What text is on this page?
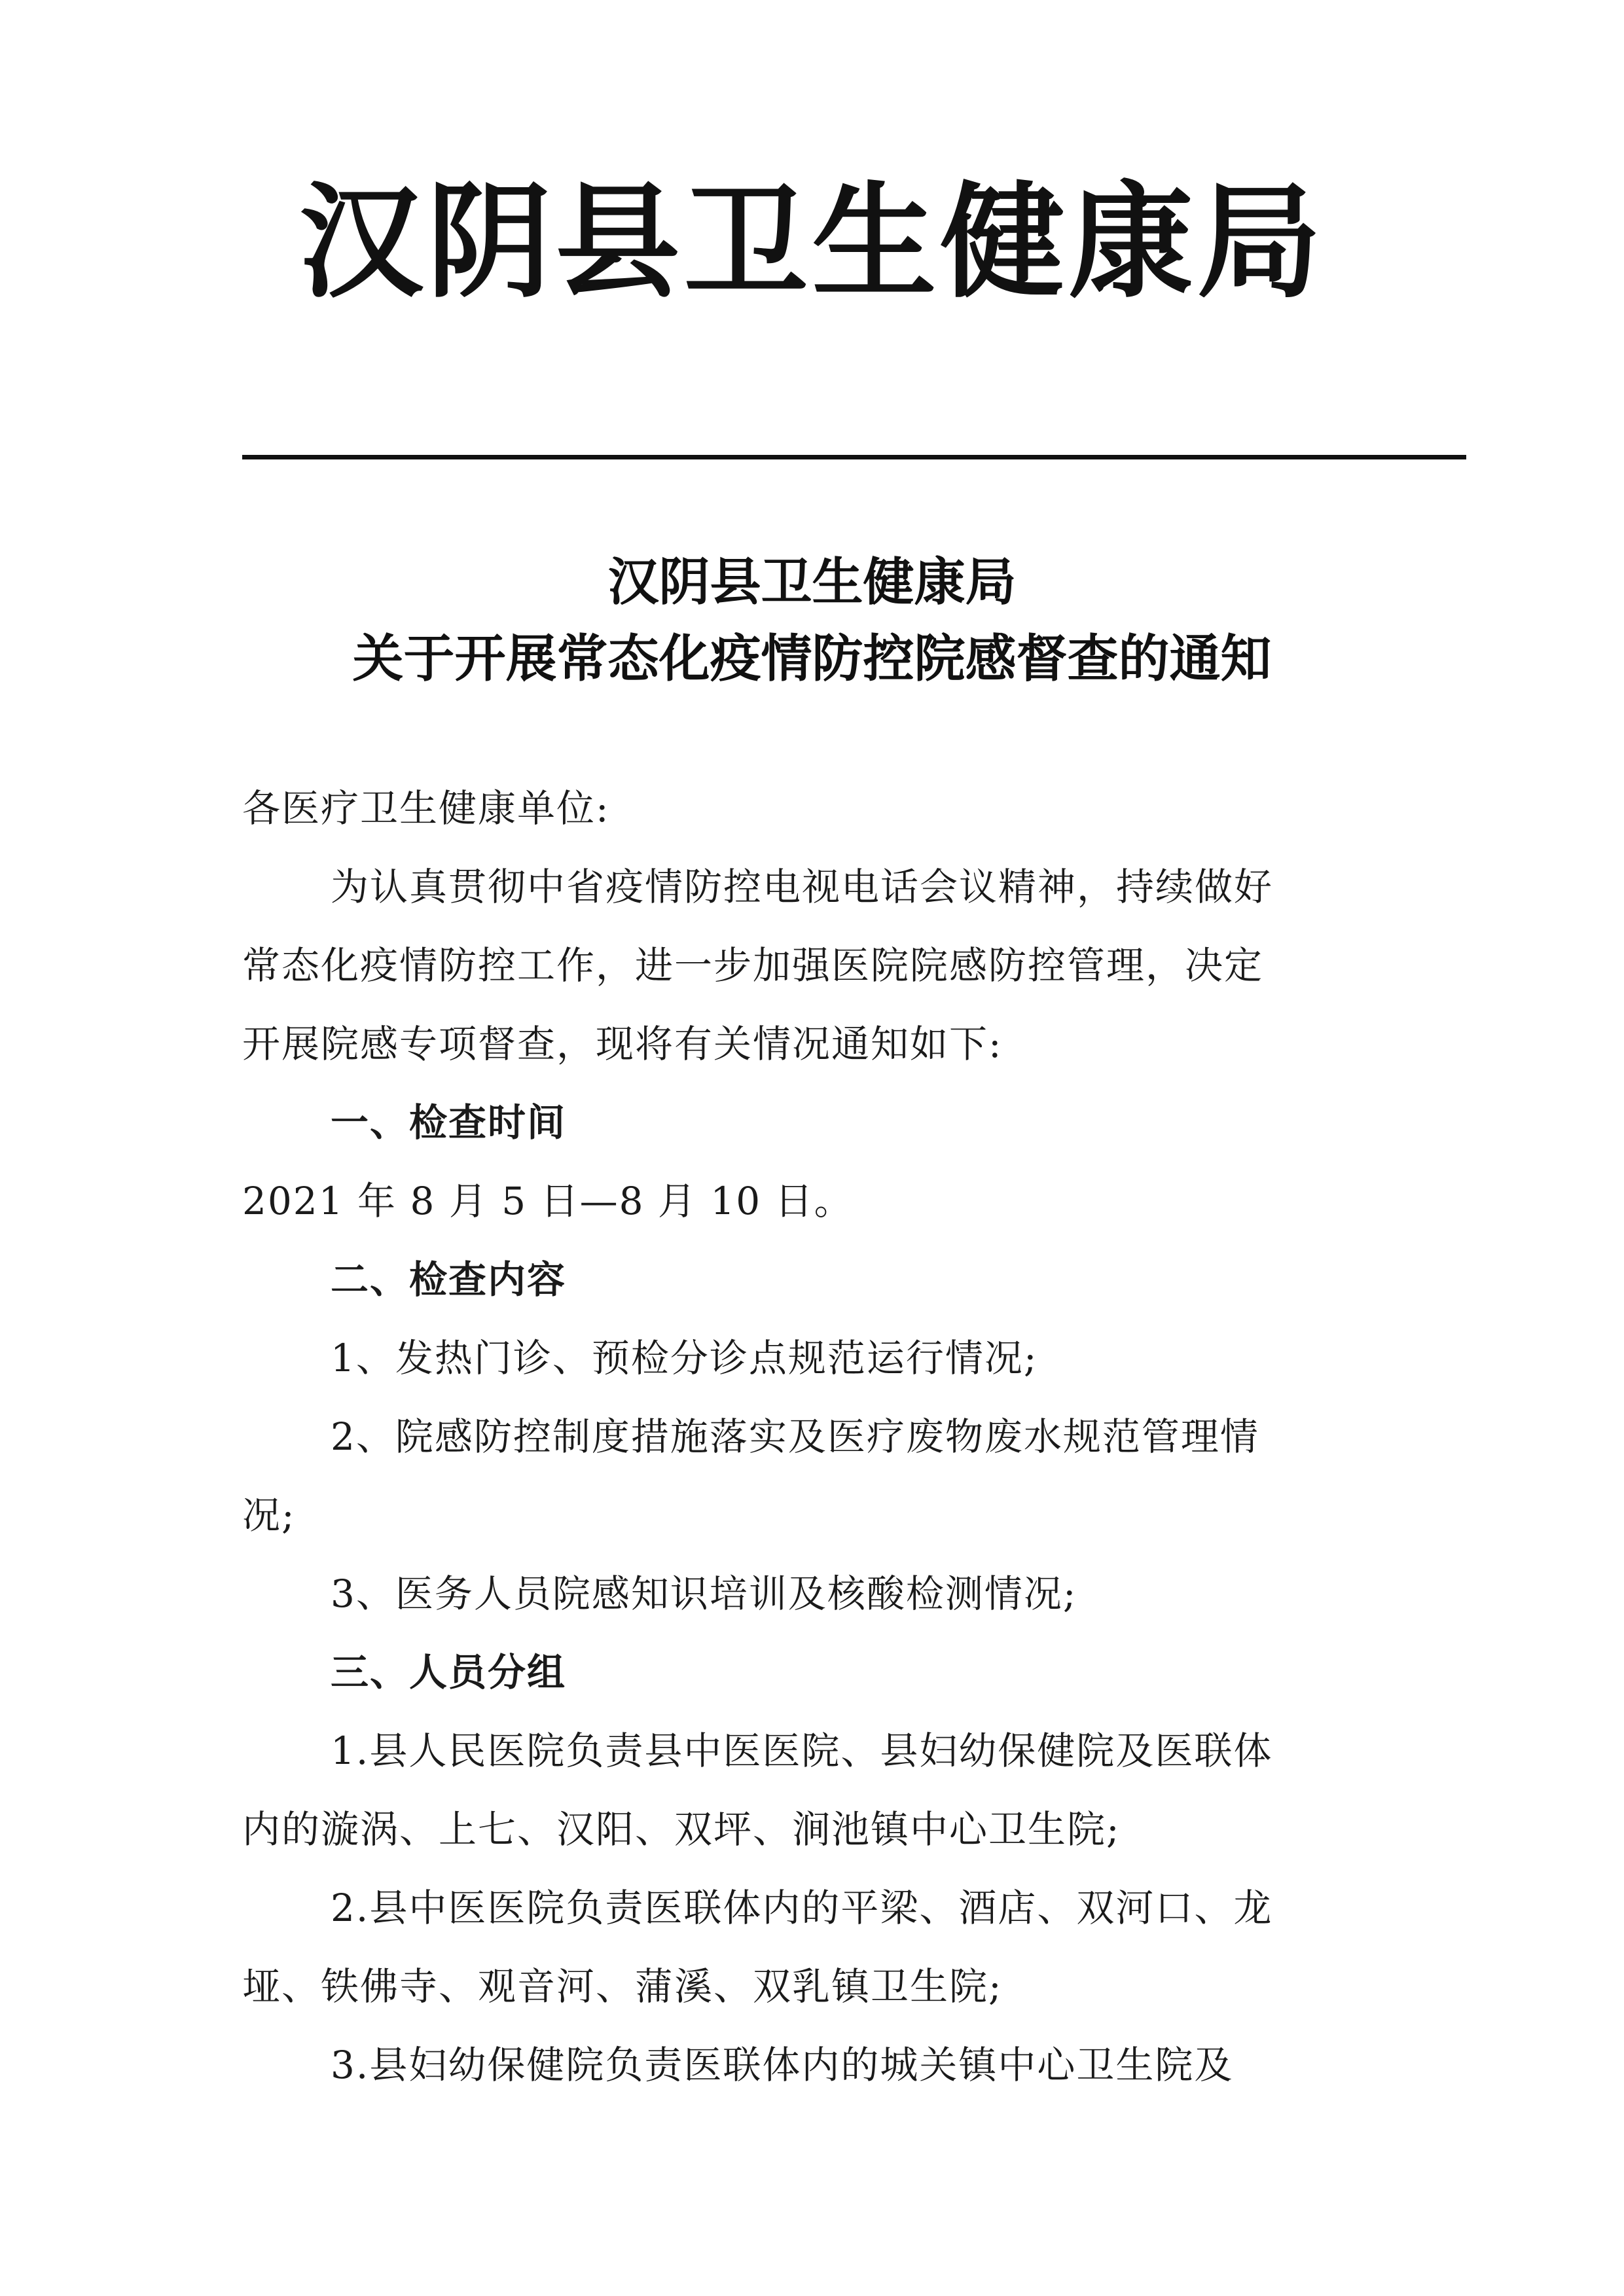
汉阴县卫生健康局
汉阴县卫生健康局
关于开展常态化疫情防控院感督查的通知
各医疗卫生健康单位:
为认真贯彻中省疫情防控电视电话会议精神，持续做好
常态化疫情防控工作，进一步加强医院院感防控管理，决定
开展院感专项督查，现将有关情况通知如下:
一、检查时间
2021 年 8 月 5 日—8 月 10 日。
二、检查内容
1、发热门诊、预检分诊点规范运行情况;
2、院感防控制度措施落实及医疗废物废水规范管理情
况;
3、医务人员院感知识培训及核酸检测情况;
三、人员分组
1.县人民医院负责县中医医院、县妇幼保健院及医联体
内的漩涡、上七、汉阳、双坪、涧池镇中心卫生院;
2.县中医医院负责医联体内的平梁、酒店、双河口、龙
垭、铁佛寺、观音河、蒲溪、双乳镇卫生院;
3.县妇幼保健院负责医联体内的城关镇中心卫生院及
